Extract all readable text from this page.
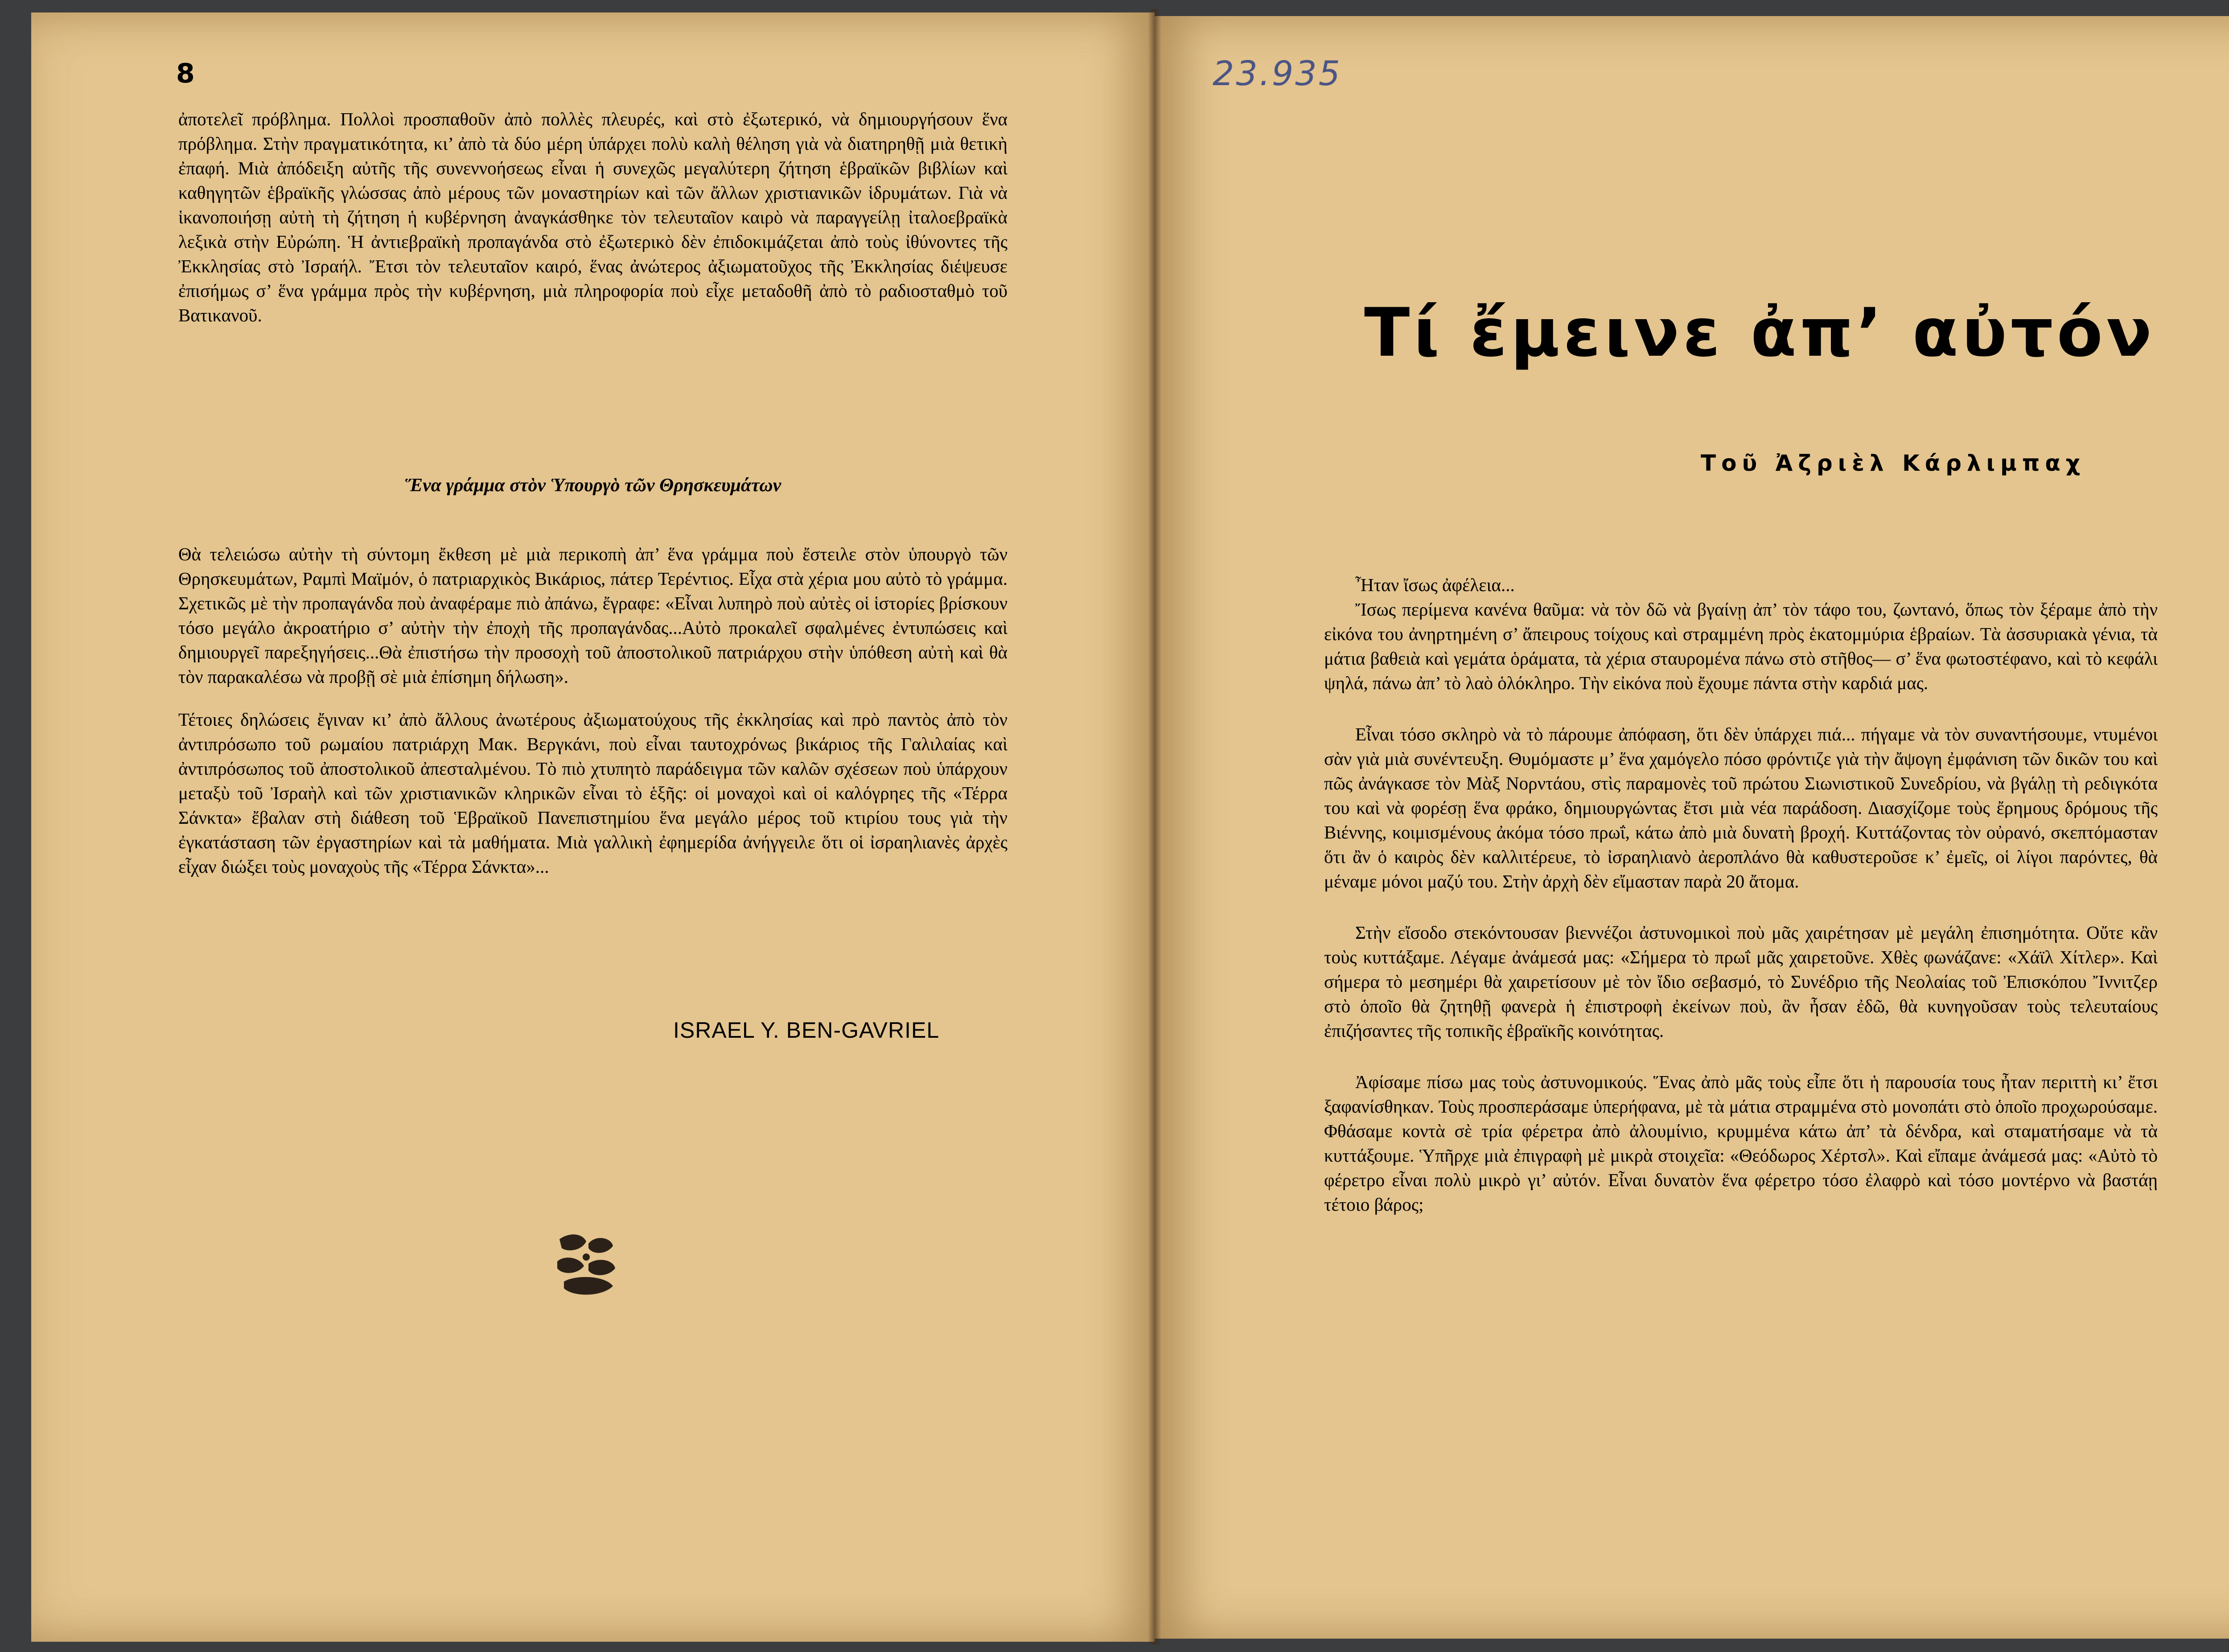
8

ἀποτελεῖ πρόβλημα. Πολλοὶ προσπαθοῦν ἀπὸ πολλὲς πλευρές, καὶ στὸ ἐξωτερικό, νὰ δημιουργήσουν ἕνα πρόβλημα. Στὴν πραγματικότητα, κι’ ἀπὸ τὰ δύο μέρη ὑπάρχει πολὺ καλὴ θέληση γιὰ νὰ διατηρηθῇ μιὰ θετικὴ ἐπαφή. Μιὰ ἀπόδειξη αὐτῆς τῆς συνεννοήσεως εἶναι ἡ συνεχῶς μεγαλύτερη ζήτηση ἑβραϊκῶν βιβλίων καὶ καθηγητῶν ἑβραϊκῆς γλώσσας ἀπὸ μέρους τῶν μοναστηρίων καὶ τῶν ἄλλων χριστιανικῶν ἱδρυμάτων. Γιὰ νὰ ἱκανοποιήσῃ αὐτὴ τὴ ζήτηση ἡ κυβέρνηση ἀναγκάσθηκε τὸν τελευταῖον καιρὸ νὰ παραγγείλῃ ἰταλοεβραϊκὰ λεξικὰ στὴν Εὐρώπη. Ἡ ἀντιεβραϊκὴ προπαγάνδα στὸ ἐξωτερικὸ δὲν ἐπιδοκιμάζεται ἀπὸ τοὺς ἰθύνοντες τῆς Ἐκκλησίας στὸ Ἰσραήλ. Ἔτσι τὸν τελευταῖον καιρό, ἕνας ἀνώτερος ἀξιωματοῦχος τῆς Ἐκκλησίας διέψευσε ἐπισήμως σ’ ἕνα γράμμα πρὸς τὴν κυβέρνηση, μιὰ πληροφορία ποὺ εἶχε μεταδοθῆ ἀπὸ τὸ ραδιοσταθμὸ τοῦ Βατικανοῦ.

Ἕνα γράμμα στὸν Ὑπουργὸ τῶν Θρησκευμάτων

Θὰ τελειώσω αὐτὴν τὴ σύντομη ἔκθεση μὲ μιὰ περικοπὴ ἀπ’ ἕνα γράμμα ποὺ ἔστειλε στὸν ὑπουργὸ τῶν Θρησκευμάτων, Ραμπὶ Μαϊμόν, ὁ πατριαρχικὸς Βικάριος, πάτερ Τερέντιος. Εἶχα στὰ χέρια μου αὐτὸ τὸ γράμμα. Σχετικῶς μὲ τὴν προπαγάνδα ποὺ ἀναφέραμε πιὸ ἀπάνω, ἔγραφε: «Εἶναι λυπηρὸ ποὺ αὐτὲς οἱ ἱστορίες βρίσκουν τόσο μεγάλο ἀκροατήριο σ’ αὐτὴν τὴν ἐποχὴ τῆς προπαγάνδας...Αὐτὸ προκαλεῖ σφαλμένες ἐντυπώσεις καὶ δημιουργεῖ παρεξηγήσεις...Θὰ ἐπιστήσω τὴν προσοχὴ τοῦ ἀποστολικοῦ πατριάρχου στὴν ὑπόθεση αὐτὴ καὶ θὰ τὸν παρακαλέσω νὰ προβῇ σὲ μιὰ ἐπίσημη δήλωση».

Τέτοιες δηλώσεις ἔγιναν κι’ ἀπὸ ἄλλους ἀνωτέρους ἀξιωματούχους τῆς ἐκκλησίας καὶ πρὸ παντὸς ἀπὸ τὸν ἀντιπρόσωπο τοῦ ρωμαίου πατριάρχη Μακ. Βεργκάνι, ποὺ εἶναι ταυτοχρόνως βικάριος τῆς Γαλιλαίας καὶ ἀντιπρόσωπος τοῦ ἀποστολικοῦ ἀπεσταλμένου. Τὸ πιὸ χτυπητὸ παράδειγμα τῶν καλῶν σχέσεων ποὺ ὑπάρχουν μεταξὺ τοῦ Ἰσραὴλ καὶ τῶν χριστιανικῶν κληρικῶν εἶναι τὸ ἑξῆς: οἱ μοναχοὶ καὶ οἱ καλόγρηες τῆς «Τέρρα Σάνκτα» ἔβαλαν στὴ διάθεση τοῦ Ἑβραϊκοῦ Πανεπιστημίου ἕνα μεγάλο μέρος τοῦ κτιρίου τους γιὰ τὴν ἐγκατάσταση τῶν ἐργαστηρίων καὶ τὰ μαθήματα. Μιὰ γαλλικὴ ἐφημερίδα ἀνήγγειλε ὅτι οἱ ἰσραηλιανὲς ἀρχὲς εἶχαν διώξει τοὺς μοναχοὺς τῆς «Τέρρα Σάνκτα»...

ISRAEL Y. BEN-GAVRIEL
23.935
Τί ἔμεινε ἀπ’ αὐτόν
Τοῦ Ἀζριὲλ Κάρλιμπαχ

Ἦταν ἴσως ἀφέλεια...

Ἴσως περίμενα κανένα θαῦμα: νὰ τὸν δῶ νὰ βγαίνῃ ἀπ’ τὸν τάφο του, ζωντανό, ὅπως τὸν ξέραμε ἀπὸ τὴν εἰκόνα του ἀνηρτημένη σ’ ἄπειρους τοίχους καὶ στραμμένη πρὸς ἑκατομμύρια ἑβραίων. Τὰ ἀσσυριακὰ γένια, τὰ μάτια βαθειὰ καὶ γεμάτα ὁράματα, τὰ χέρια σταυρομένα πάνω στὸ στῆθος— σ’ ἕνα φωτοστέφανο, καὶ τὸ κεφάλι ψηλά, πάνω ἀπ’ τὸ λαὸ ὁλόκληρο. Τὴν εἰκόνα ποὺ ἔχουμε πάντα στὴν καρδιά μας.

Εἶναι τόσο σκληρὸ νὰ τὸ πάρουμε ἀπόφαση, ὅτι δὲν ὑπάρχει πιά... πήγαμε νὰ τὸν συναντήσουμε, ντυμένοι σὰν γιὰ μιὰ συνέντευξη. Θυμόμαστε μ’ ἕνα χαμόγελο πόσο φρόντιζε γιὰ τὴν ἄψογη ἐμφάνιση τῶν δικῶν του καὶ πῶς ἀνάγκασε τὸν Μὰξ Νορντάου, στὶς παραμονὲς τοῦ πρώτου Σιωνιστικοῦ Συνεδρίου, νὰ βγάλῃ τὴ ρεδιγκότα του καὶ νὰ φορέσῃ ἕνα φράκο, δημιουργώντας ἔτσι μιὰ νέα παράδοση. Διασχίζομε τοὺς ἔρημους δρόμους τῆς Βιέννης, κοιμισμένους ἀκόμα τόσο πρωΐ, κάτω ἀπὸ μιὰ δυνατὴ βροχή. Κυττάζοντας τὸν οὐρανό, σκεπτόμασταν ὅτι ἂν ὁ καιρὸς δὲν καλλιτέρευε, τὸ ἰσραηλιανὸ ἀεροπλάνο θὰ καθυστεροῦσε κ’ ἐμεῖς, οἱ λίγοι παρόντες, θὰ μέναμε μόνοι μαζύ του. Στὴν ἀρχὴ δὲν εἴμασταν παρὰ 20 ἄτομα.

Στὴν εἴσοδο στεκόντουσαν βιεννέζοι ἀστυνομικοὶ ποὺ μᾶς χαιρέτησαν μὲ μεγάλη ἐπισημότητα. Οὔτε κἂν τοὺς κυττάξαμε. Λέγαμε ἀνάμεσά μας: «Σήμερα τὸ πρωΐ μᾶς χαιρετοῦνε. Χθὲς φωνάζανε: «Χάϊλ Χίτλερ». Καὶ σήμερα τὸ μεσημέρι θὰ χαιρετίσουν μὲ τὸν ἴδιο σεβασμό, τὸ Συνέδριο τῆς Νεολαίας τοῦ Ἐπισκόπου Ἴννιτζερ στὸ ὁποῖο θὰ ζητηθῇ φανερὰ ἡ ἐπιστροφὴ ἐκείνων ποὺ, ἂν ἦσαν ἐδῶ, θὰ κυνηγοῦσαν τοὺς τελευταίους ἐπιζήσαντες τῆς τοπικῆς ἑβραϊκῆς κοινότητας.

Ἀφίσαμε πίσω μας τοὺς ἀστυνομικούς. Ἕνας ἀπὸ μᾶς τοὺς εἶπε ὅτι ἡ παρουσία τους ἦταν περιττὴ κι’ ἔτσι ξαφανίσθηκαν. Τοὺς προσπεράσαμε ὑπερήφανα, μὲ τὰ μάτια στραμμένα στὸ μονοπάτι στὸ ὁποῖο προχωρούσαμε. Φθάσαμε κοντὰ σὲ τρία φέρετρα ἀπὸ ἀλουμίνιο, κρυμμένα κάτω ἀπ’ τὰ δένδρα, καὶ σταματήσαμε νὰ τὰ κυττάξουμε. Ὑπῆρχε μιὰ ἐπιγραφὴ μὲ μικρὰ στοιχεῖα: «Θεόδωρος Χέρτσλ». Καὶ εἴπαμε ἀνάμεσά μας: «Αὐτὸ τὸ φέρετρο εἶναι πολὺ μικρὸ γι’ αὐτόν. Εἶναι δυνατὸν ἕνα φέρετρο τόσο ἐλαφρὸ καὶ τόσο μοντέρνο νὰ βαστάῃ τέτοιο βάρος;
